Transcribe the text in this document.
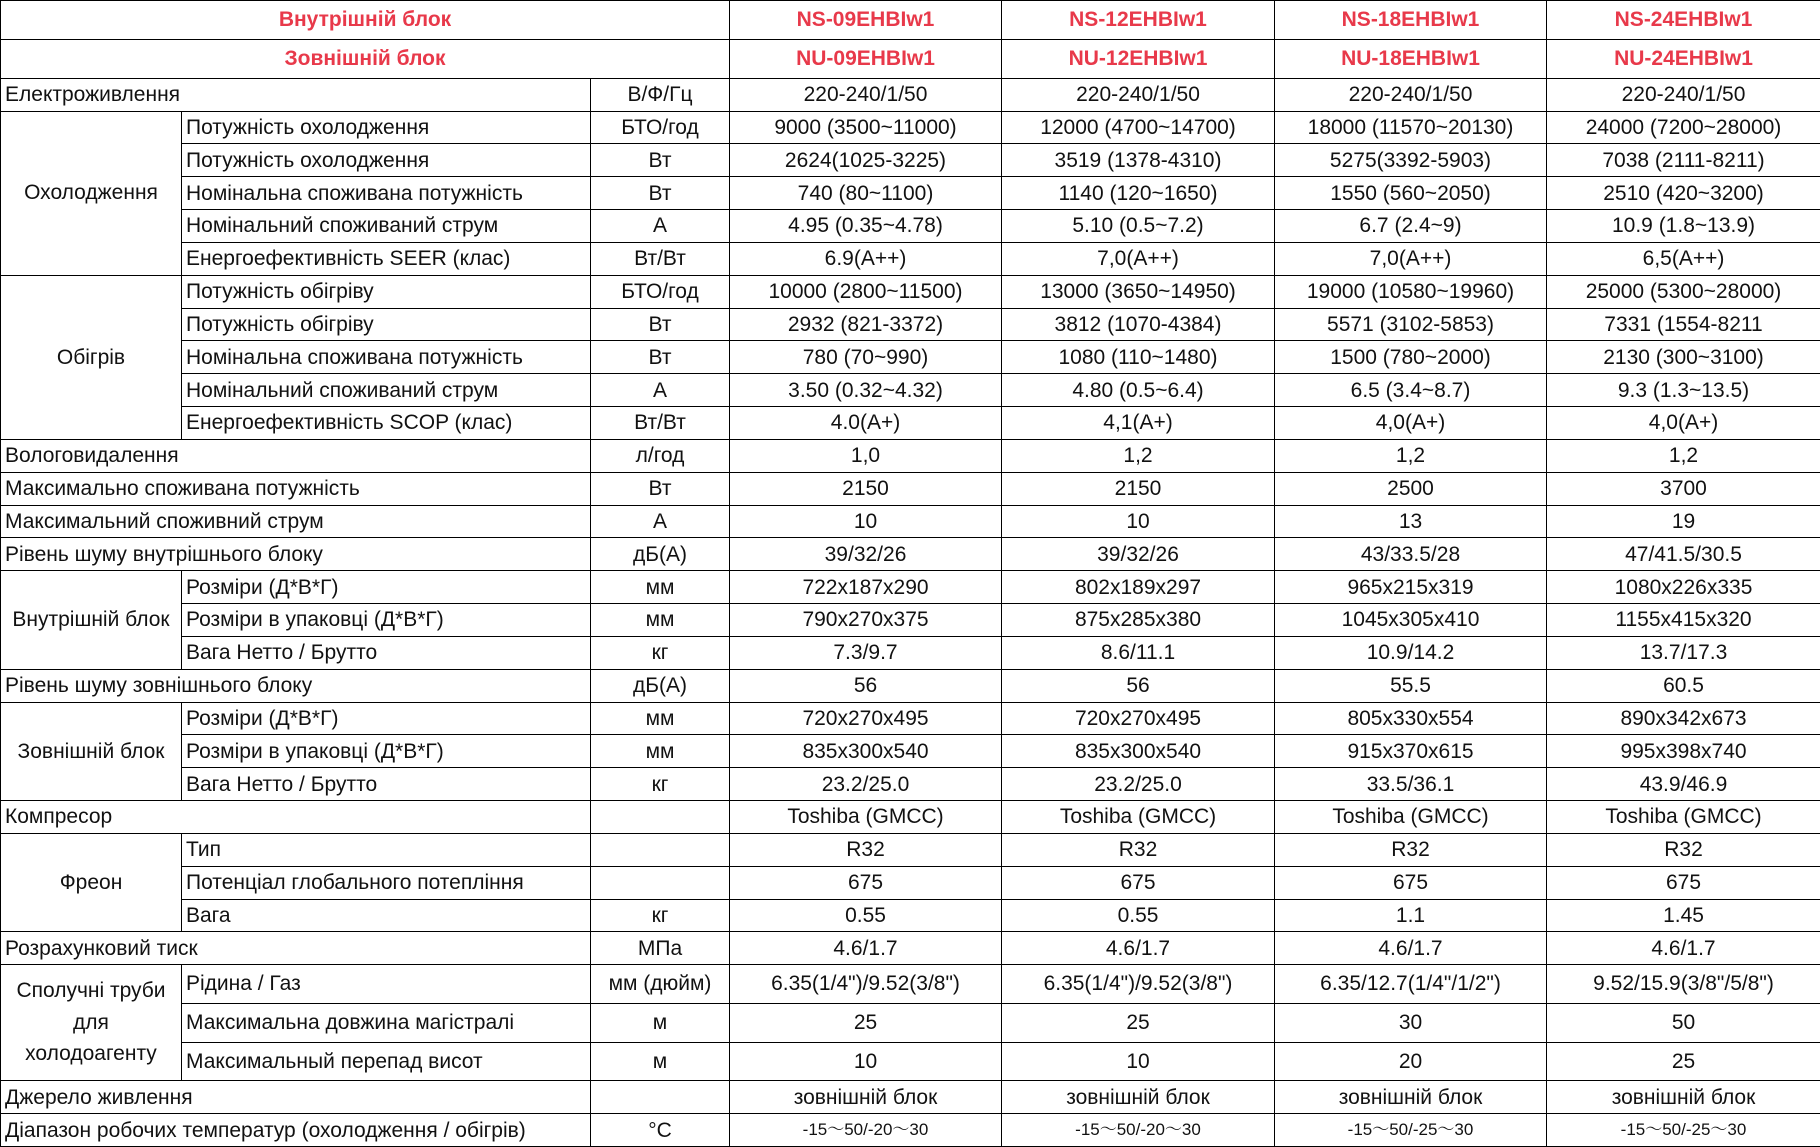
Внутрішній блок			NS-09EHBIw1	NS-12EHBIw1	NS-18EHBIw1	NS-24EHBIw1
Зовнішній блок			NU-09EHBIw1	NU-12EHBIw1	NU-18EHBIw1	NU-24EHBIw1
Електроживлення		В/Ф/Гц	220-240/1/50	220-240/1/50	220-240/1/50	220-240/1/50
Охолодження	Потужність охолодження	БТО/год	9000 (3500~11000)	12000 (4700~14700)	18000 (11570~20130)	24000 (7200~28000)
	Потужність охолодження	Вт	2624(1025-3225)	3519 (1378-4310)	5275(3392-5903)	7038 (2111-8211)
	Номінальна споживана потужність	Вт	740 (80~1100)	1140 (120~1650)	1550 (560~2050)	2510 (420~3200)
	Номінальний споживаний струм	А	4.95 (0.35~4.78)	5.10 (0.5~7.2)	6.7 (2.4~9)	10.9 (1.8~13.9)
	Енергоефективність SEER (клас)	Вт/Вт	6.9(A++)	7,0(A++)	7,0(A++)	6,5(A++)
Обігрів	Потужність обігріву	БТО/год	10000 (2800~11500)	13000 (3650~14950)	19000 (10580~19960)	25000 (5300~28000)
	Потужність обігріву	Вт	2932 (821-3372)	3812 (1070-4384)	5571 (3102-5853)	7331 (1554-8211
	Номінальна споживана потужність	Вт	780 (70~990)	1080 (110~1480)	1500 (780~2000)	2130 (300~3100)
	Номінальний споживаний струм	А	3.50 (0.32~4.32)	4.80 (0.5~6.4)	6.5 (3.4~8.7)	9.3 (1.3~13.5)
	Енергоефективність SCOP (клас)	Вт/Вт	4.0(A+)	4,1(A+)	4,0(A+)	4,0(A+)
Вологовидалення		л/год	1,0	1,2	1,2	1,2
Максимально споживана потужність		Вт	2150	2150	2500	3700
Максимальний споживний струм		А	10	10	13	19
Рівень шуму внутрішнього блоку		дБ(А)	39/32/26	39/32/26	43/33.5/28	47/41.5/30.5
Внутрішній блок	Розміри (Д*В*Г)	мм	722x187x290	802x189x297	965x215x319	1080x226x335
	Розміри в упаковці (Д*В*Г)	мм	790x270x375	875x285x380	1045x305x410	1155x415x320
	Вага Нетто / Брутто	кг	7.3/9.7	8.6/11.1	10.9/14.2	13.7/17.3
Рівень шуму зовнішнього блоку		дБ(А)	56	56	55.5	60.5
Зовнішній блок	Розміри (Д*В*Г)	мм	720x270x495	720x270x495	805x330x554	890x342x673
	Розміри в упаковці (Д*В*Г)	мм	835x300x540	835x300x540	915x370x615	995x398x740
	Вага Нетто / Брутто	кг	23.2/25.0	23.2/25.0	33.5/36.1	43.9/46.9
Компресор			Toshiba (GMCC)	Toshiba (GMCC)	Toshiba (GMCC)	Toshiba (GMCC)
Фреон	Тип		R32	R32	R32	R32
	Потенціал глобального потепління		675	675	675	675
	Вага	кг	0.55	0.55	1.1	1.45
Розрахунковий тиск		МПа	4.6/1.7	4.6/1.7	4.6/1.7	4.6/1.7
Сполучні труби для холодоагенту	Рідина / Газ	мм (дюйм)	6.35(1/4")/9.52(3/8")	6.35(1/4")/9.52(3/8")	6.35/12.7(1/4"/1/2")	9.52/15.9(3/8"/5/8")
	Максимальна довжина магістралі	м	25	25	30	50
	Максимальный перепад висот	м	10	10	20	25
Джерело живлення			зовнішній блок	зовнішній блок	зовнішній блок	зовнішній блок
Діапазон робочих температур (охолодження / обігрів)		°C	-15～50/-20～30	-15～50/-20～30	-15～50/-25～30	-15～50/-25～30
